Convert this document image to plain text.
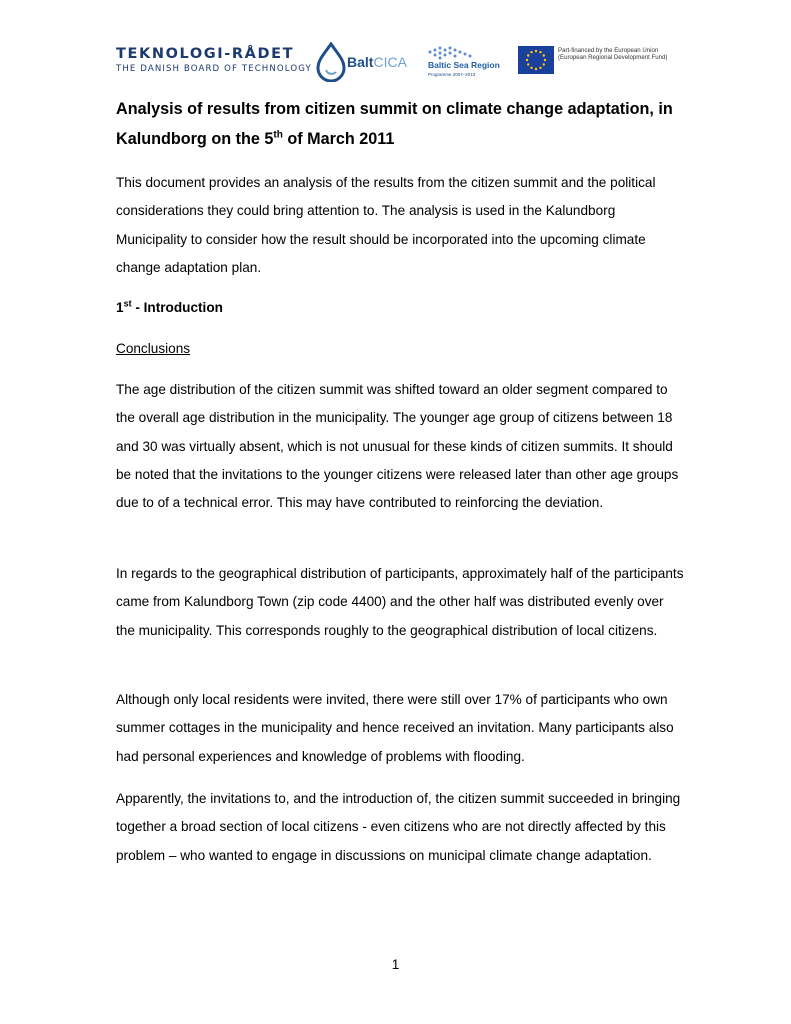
TEKNOLOGI-RÅDET
THE DANISH BOARD OF TECHNOLOGY	BaltCICA Baltic Sea Region
Programme 2007–2013
Part-financed by the European Union (European Regional Development Fund)
Analysis of results from citizen summit on climate change adaptation, in
Kalundborg on the 5th of March 2011

This document provides an analysis of the results from the citizen summit and the political considerations they could bring attention to. The analysis is used in the Kalundborg Municipality to consider how the result should be incorporated into the upcoming climate change adaptation plan.

1st - Introduction

Conclusions

The age distribution of the citizen summit was shifted toward an older segment compared to the overall age distribution in the municipality. The younger age group of citizens between 18 and 30 was virtually absent, which is not unusual for these kinds of citizen summits. It should be noted that the invitations to the younger citizens were released later than other age groups due to of a technical error. This may have contributed to reinforcing the deviation.

In regards to the geographical distribution of participants, approximately half of the participants came from Kalundborg Town (zip code 4400) and the other half was distributed evenly over the municipality. This corresponds roughly to the geographical distribution of local citizens.

Although only local residents were invited, there were still over 17% of participants who own summer cottages in the municipality and hence received an invitation. Many participants also had personal experiences and knowledge of problems with flooding.

Apparently, the invitations to, and the introduction of, the citizen summit succeeded in bringing together a broad section of local citizens - even citizens who are not directly affected by this problem – who wanted to engage in discussions on municipal climate change adaptation.

1
